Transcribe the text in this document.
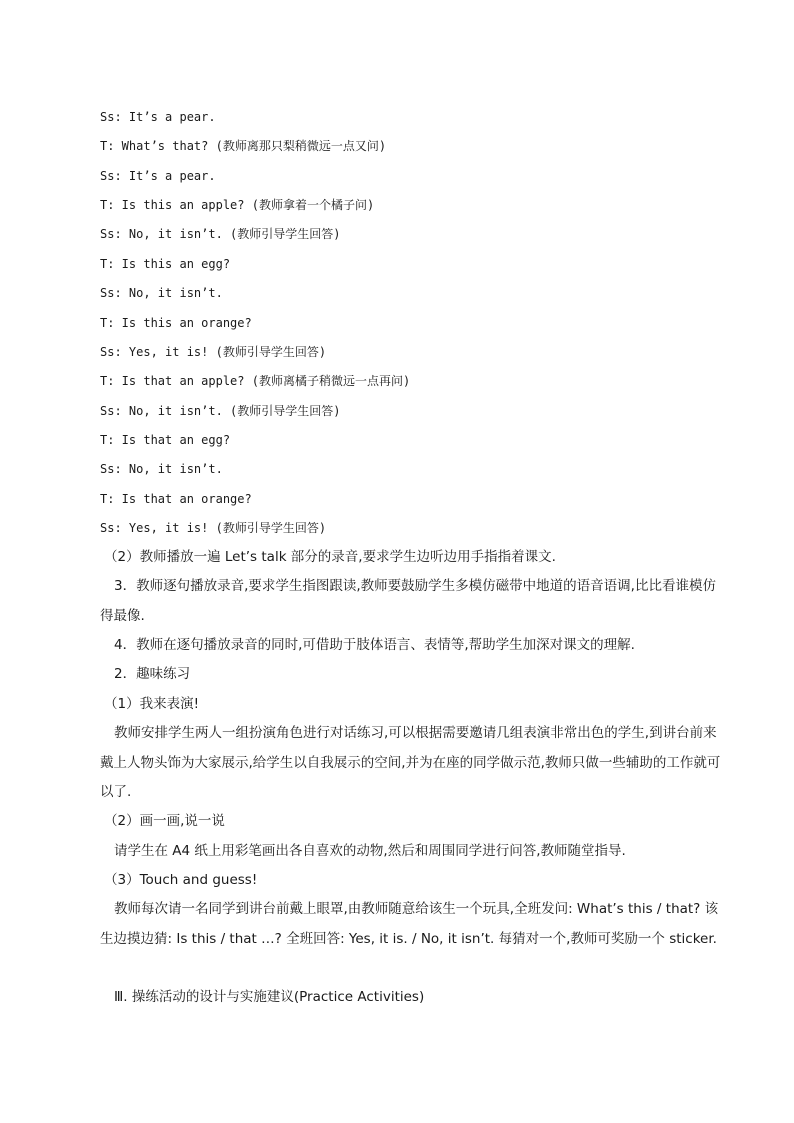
Ss: It’s a pear.
T: What’s that? (教师离那只梨稍微远一点又问)
Ss: It’s a pear.
T: Is this an apple? (教师拿着一个橘子问)
Ss: No, it isn’t. (教师引导学生回答)
T: Is this an egg?
Ss: No, it isn’t.
T: Is this an orange?
Ss: Yes, it is! (教师引导学生回答)
T: Is that an apple? (教师离橘子稍微远一点再问)
Ss: No, it isn’t. (教师引导学生回答)
T: Is that an egg?
Ss: No, it isn’t.
T: Is that an orange?
Ss: Yes, it is! (教师引导学生回答)
（2）教师播放一遍 Let’s talk 部分的录音,要求学生边听边用手指指着课文.
3．教师逐句播放录音,要求学生指图跟读,教师要鼓励学生多模仿磁带中地道的语音语调,比比看谁模仿得最像.
4．教师在逐句播放录音的同时,可借助于肢体语言、表情等,帮助学生加深对课文的理解.
2．趣味练习
（1）我来表演!
教师安排学生两人一组扮演角色进行对话练习,可以根据需要邀请几组表演非常出色的学生,到讲台前来戴上人物头饰为大家展示,给学生以自我展示的空间,并为在座的同学做示范,教师只做一些辅助的工作就可以了.
（2）画一画,说一说
请学生在 A4 纸上用彩笔画出各自喜欢的动物,然后和周围同学进行问答,教师随堂指导.
（3）Touch and guess!
教师每次请一名同学到讲台前戴上眼罩,由教师随意给该生一个玩具,全班发问: What’s this / that? 该生边摸边猜: Is this / that …? 全班回答: Yes, it is. / No, it isn’t. 每猜对一个,教师可奖励一个 sticker.
Ⅲ. 操练活动的设计与实施建议(Practice Activities)
